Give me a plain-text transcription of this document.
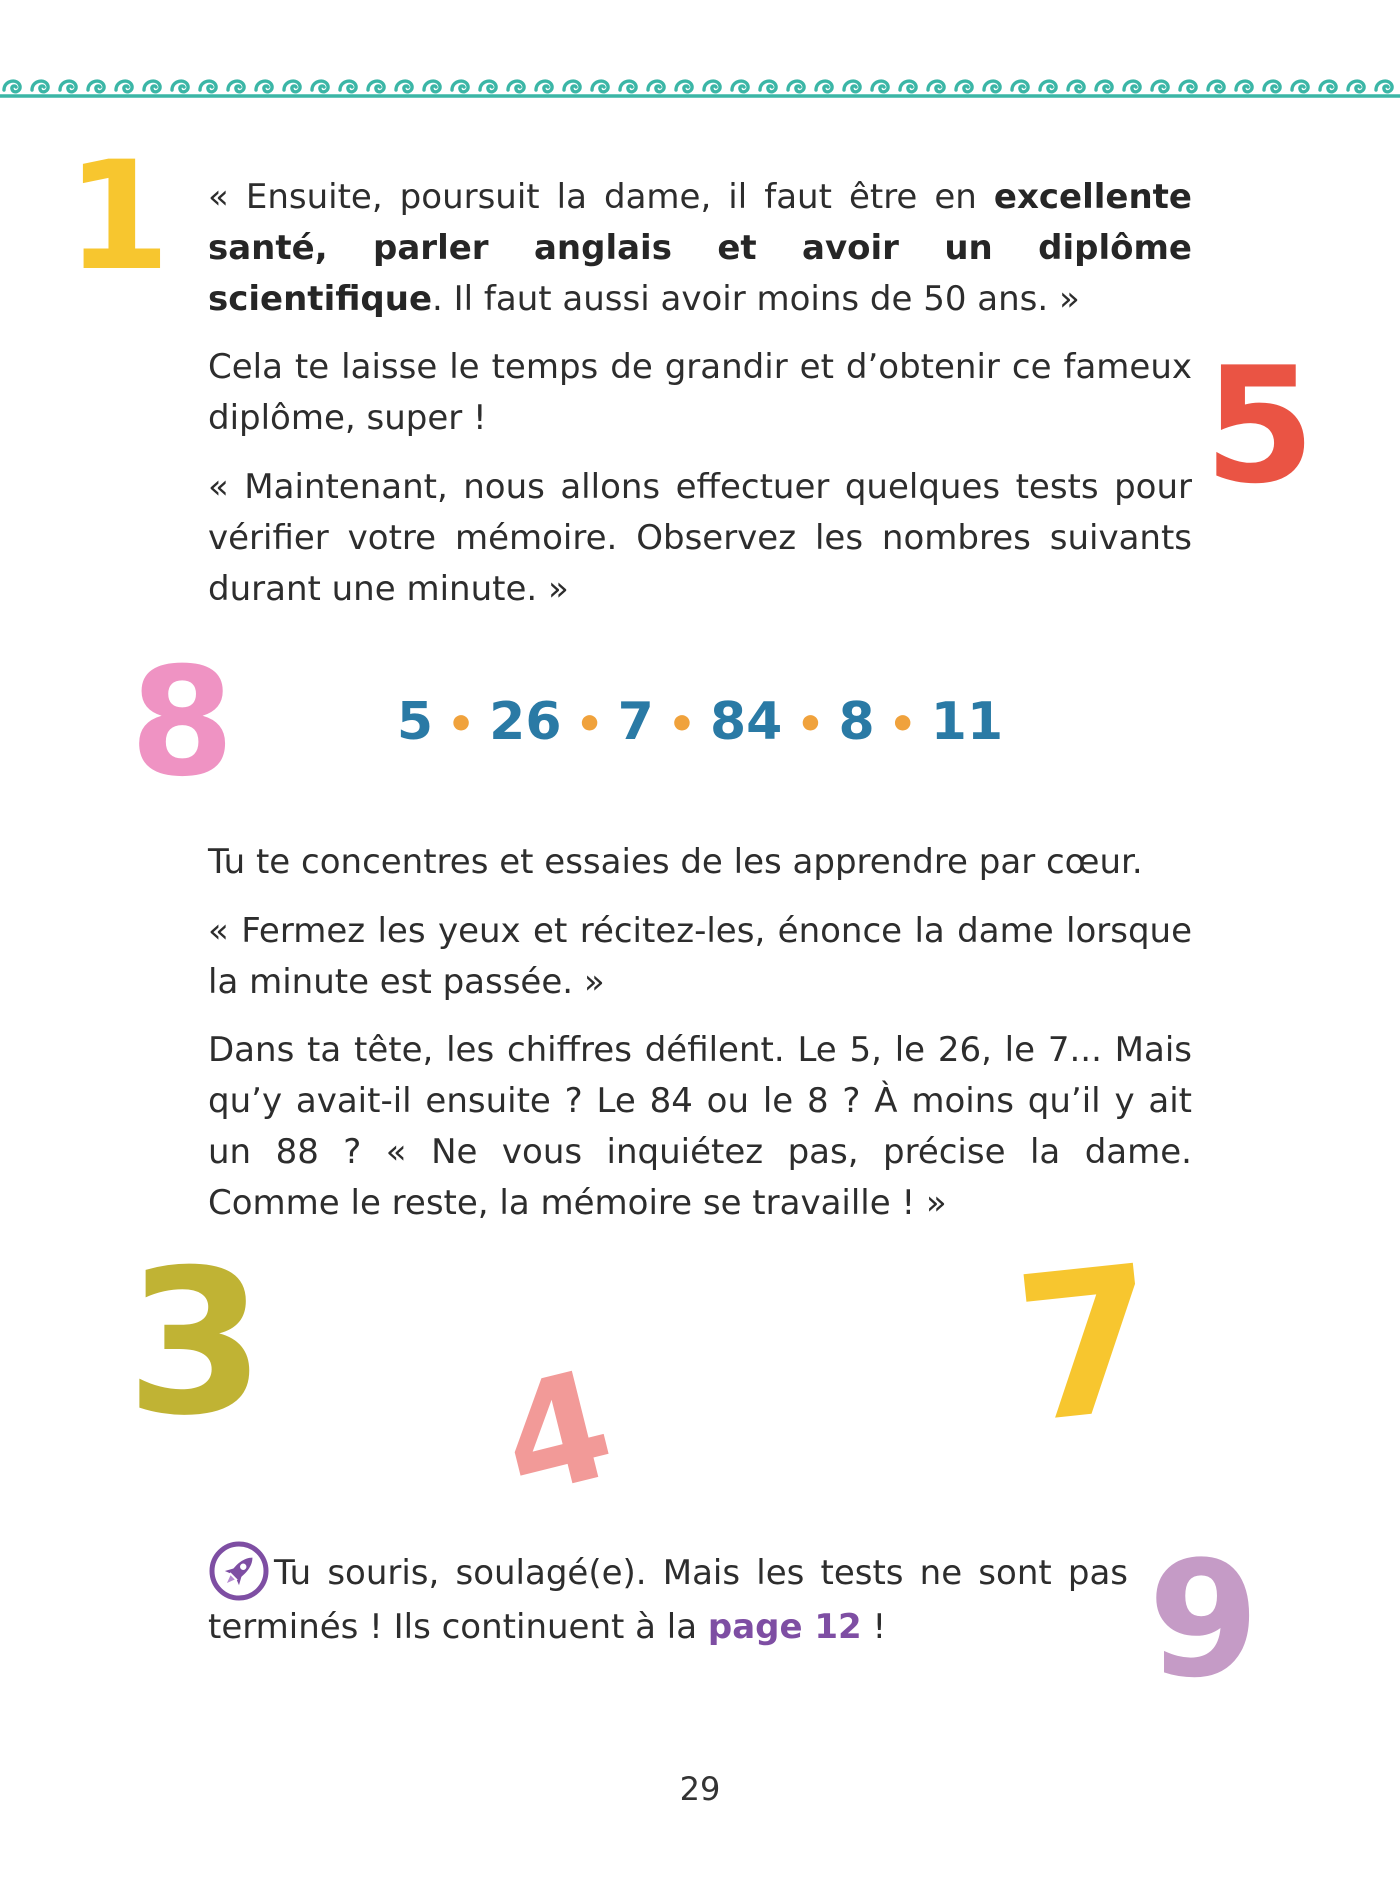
1
5
8
3 4 7
9

« Ensuite, poursuit la dame, il faut être en excellente santé, parler anglais et avoir un diplôme scientifique. Il faut aussi avoir moins de 50 ans. »

Cela te laisse le temps de grandir et d’obtenir ce fameux diplôme, super !

« Maintenant, nous allons effectuer quelques tests pour vérifier votre mémoire. Observez les nombres suivants durant une minute. »

5 • 26 • 7 • 84 • 8 • 11

Tu te concentres et essaies de les apprendre par cœur.

« Fermez les yeux et récitez-les, énonce la dame lorsque la minute est passée. »

Dans ta tête, les chiffres défilent. Le 5, le 26, le 7... Mais qu’y avait-il ensuite ? Le 84 ou le 8 ? À moins qu’il y ait un 88 ? « Ne vous inquiétez pas, précise la dame. Comme le reste, la mémoire se travaille ! »

Tu souris, soulagé(e). Mais les tests ne sont pas terminés ! Ils continuent à la page 12 !

29
